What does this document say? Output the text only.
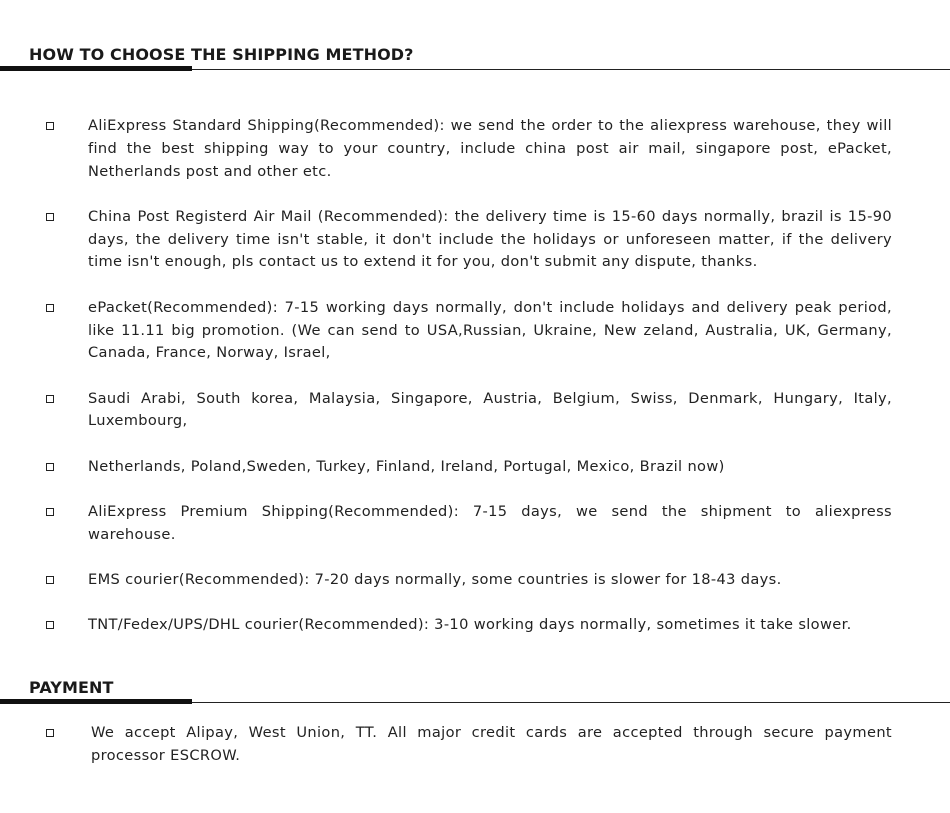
HOW TO CHOOSE THE SHIPPING METHOD?
AliExpress Standard Shipping(Recommended): we send the order to the aliexpress warehouse, they will find the best shipping way to your country, include china post air mail, singapore post, ePacket, Netherlands post and other etc.
China Post Registerd Air Mail (Recommended): the delivery time is 15-60 days normally, brazil is 15-90 days, the delivery time isn't stable, it don't include the holidays or unforeseen matter, if the delivery time isn't enough, pls contact us to extend it for you, don't submit any dispute, thanks.
ePacket(Recommended): 7-15 working days normally, don't include holidays and delivery peak period, like 11.11 big promotion. (We can send to USA,Russian, Ukraine, New zeland, Australia, UK, Germany, Canada, France, Norway, Israel,
Saudi Arabi, South korea, Malaysia, Singapore, Austria, Belgium, Swiss, Denmark, Hungary, Italy, Luxembourg,
Netherlands, Poland,Sweden, Turkey, Finland, Ireland, Portugal, Mexico, Brazil now)
AliExpress Premium Shipping(Recommended): 7-15 days, we send the shipment to aliexpress warehouse.
EMS courier(Recommended): 7-20 days normally, some countries is slower for 18-43 days.
TNT/Fedex/UPS/DHL courier(Recommended): 3-10 working days normally, sometimes it take slower.
PAYMENT
We accept Alipay, West Union, TT. All major credit cards are accepted through secure payment processor ESCROW.
